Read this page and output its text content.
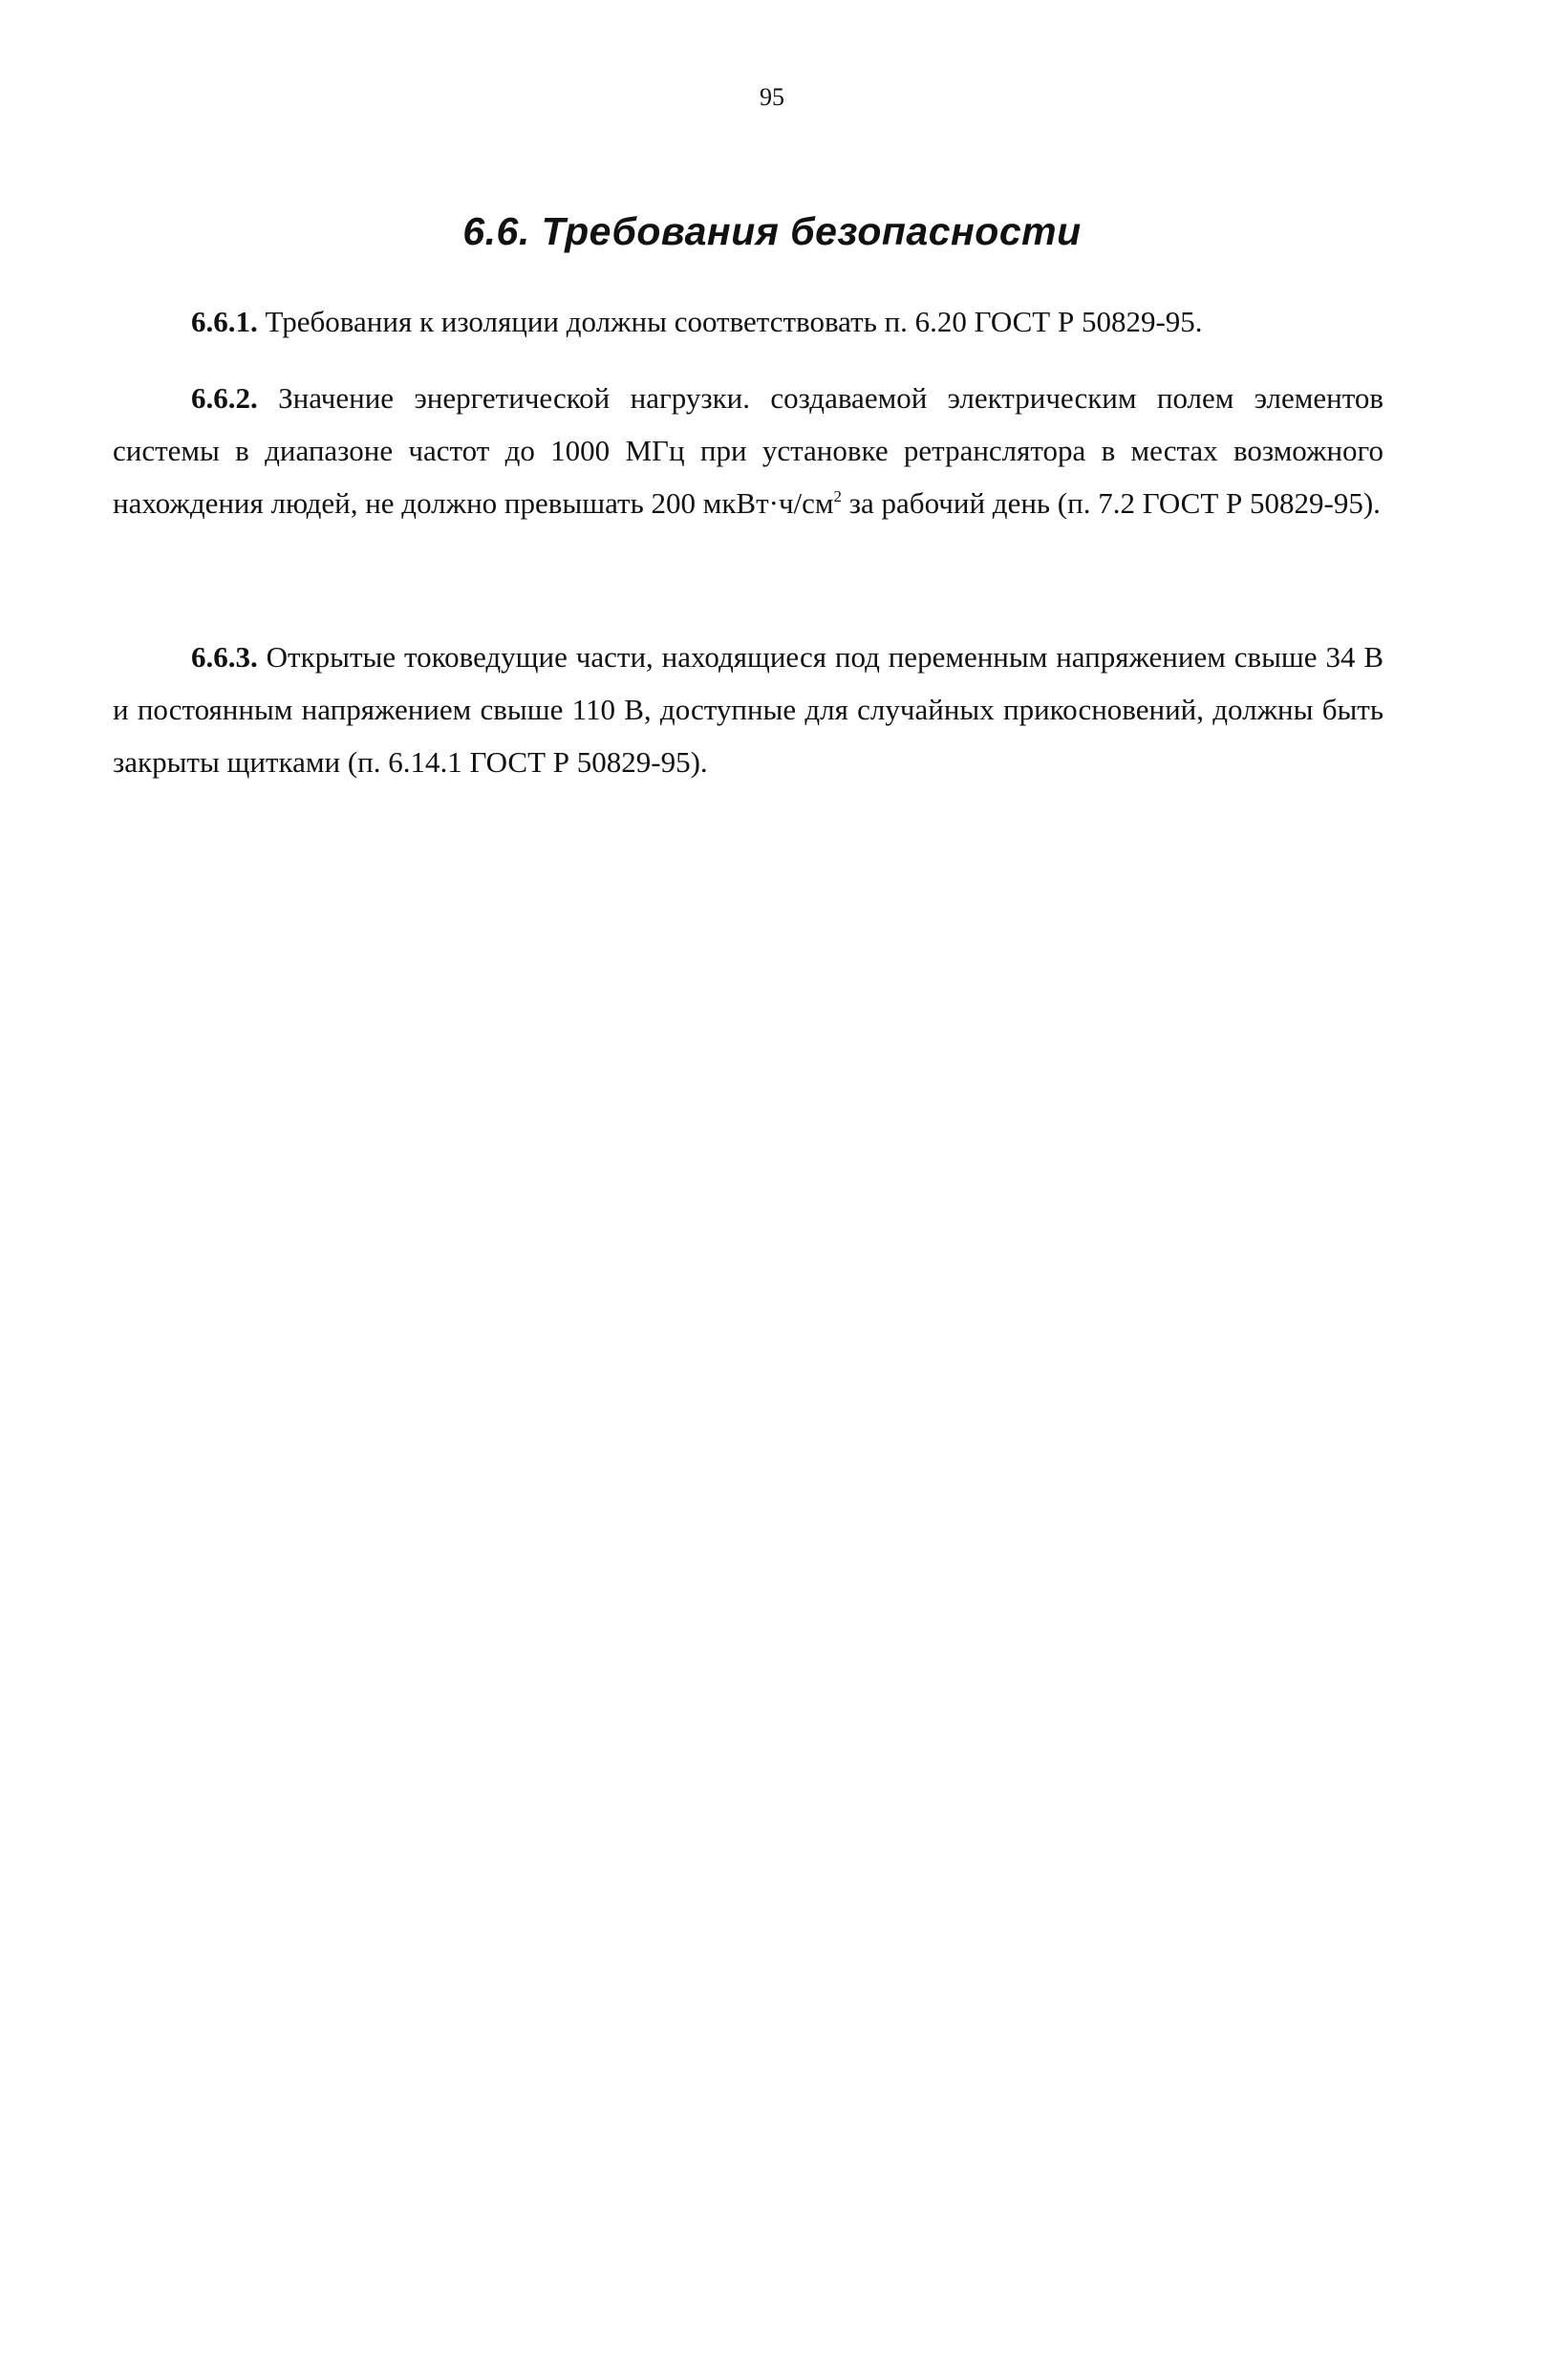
95
6.6. Требования безопасности

6.6.1. Требования к изоляции должны соответствовать п. 6.20 ГОСТ Р 50829-95.

6.6.2. Значение энергетической нагрузки. создаваемой электрическим полем элементов системы в диапазоне частот до 1000 МГц при установке ретранслятора в местах возможного нахождения людей, не должно превышать 200 $мкВт\cdot ч/см^2$ за рабочий день (п. 7.2 ГОСТ Р 50829-95).

6.6.3. Открытые токоведущие части, находящиеся под переменным напряжением свыше 34 В и постоянным напряжением свыше 110 В, доступные для случайных прикосновений, должны быть закрыты щитками (п. 6.14.1 ГОСТ Р 50829-95).
